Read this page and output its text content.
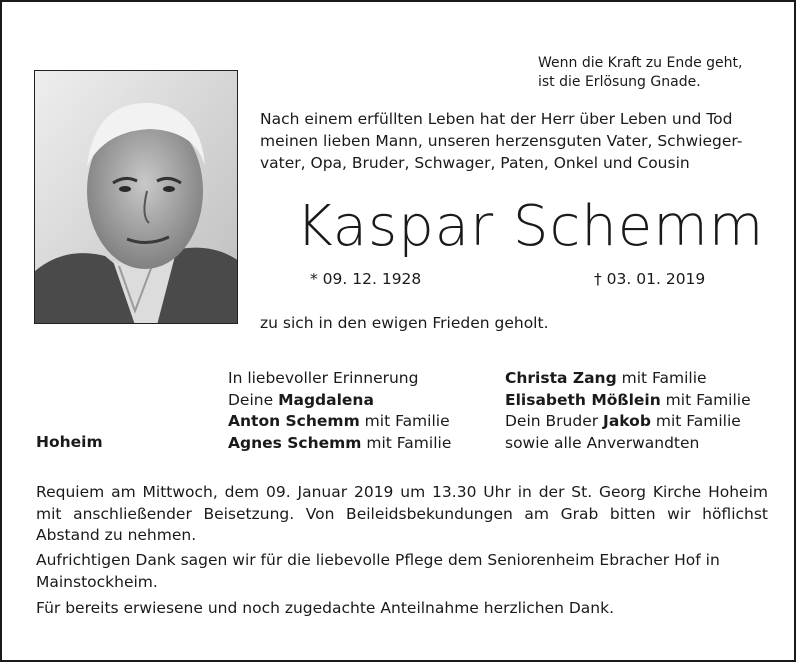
Wenn die Kraft zu Ende geht,
ist die Erlösung Gnade.
Nach einem erfüllten Leben hat der Herr über Leben und Tod
meinen lieben Mann, unseren herzensguten Vater, Schwieger-
vater, Opa, Bruder, Schwager, Paten, Onkel und Cousin
Kaspar Schemm
* 09. 12. 1928	† 03. 01. 2019
zu sich in den ewigen Frieden geholt.
In liebevoller Erinnerung
Deine Magdalena
Anton Schemm mit Familie
Agnes Schemm mit Familie
Christa Zang mit Familie
Elisabeth Mößlein mit Familie
Dein Bruder Jakob mit Familie
sowie alle Anverwandten
Hoheim
Requiem am Mittwoch, dem 09. Januar 2019 um 13.30 Uhr in der St. Georg Kirche Hoheim mit anschließender Beisetzung. Von Beileidsbekundungen am Grab bitten wir höflichst Abstand zu nehmen.
Aufrichtigen Dank sagen wir für die liebevolle Pflege dem Seniorenheim Ebracher Hof in Mainstockheim.
Für bereits erwiesene und noch zugedachte Anteilnahme herzlichen Dank.
